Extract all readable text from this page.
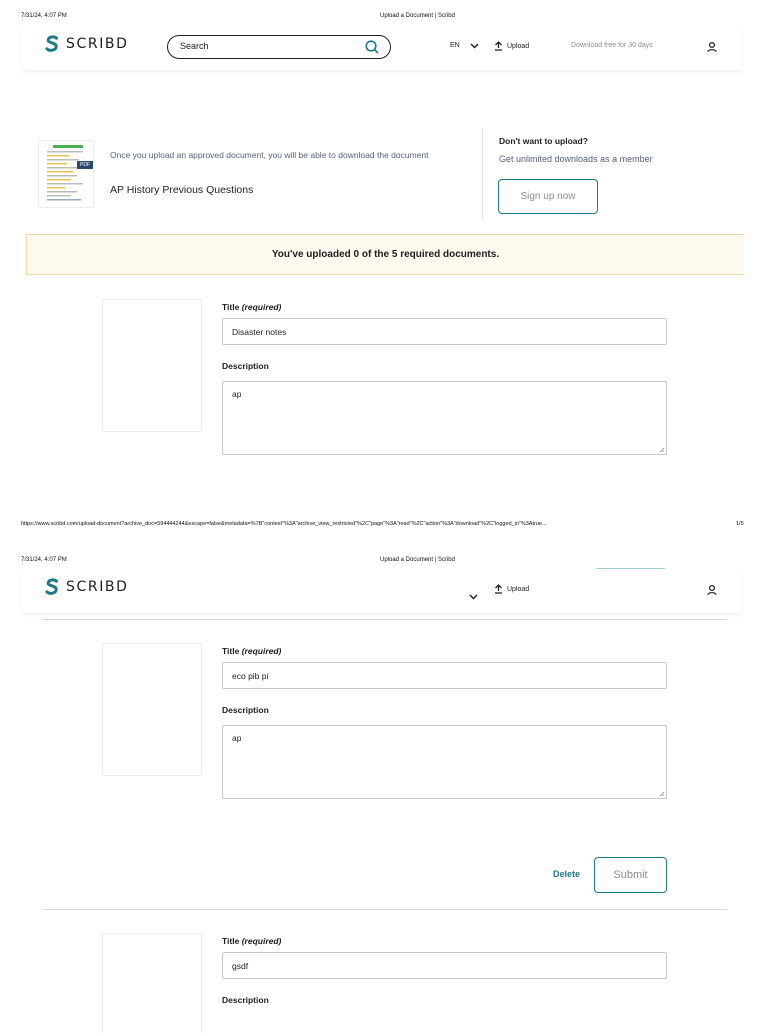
7/31/24, 4:07 PM	Upload a Document | Scribd
SCRIBD
Search	EN	Upload	Download free for 30 days
PDF
Once you upload an approved document, you will be able to download the document
AP History Previous Questions
Don't want to upload?
Get unlimited downloads as a member
Sign up now
You've uploaded 0 of the 5 required documents.
Title (required)
Disaster notes
Description
ap
https://www.scribd.com/upload-document?archive_doc=594444244&escape=false&metadata=%7B"context"%3A"archive_view_restricted"%2C"page"%3A"read"%2C"action"%3A"download"%2C"logged_in"%3Atrue...	1/5
7/31/24, 4:07 PM	Upload a Document | Scribd
SCRIBD	Upload
Title (required)
eco pib pi
Description
ap
Delete	Submit
Title (required)
gsdf
Description
